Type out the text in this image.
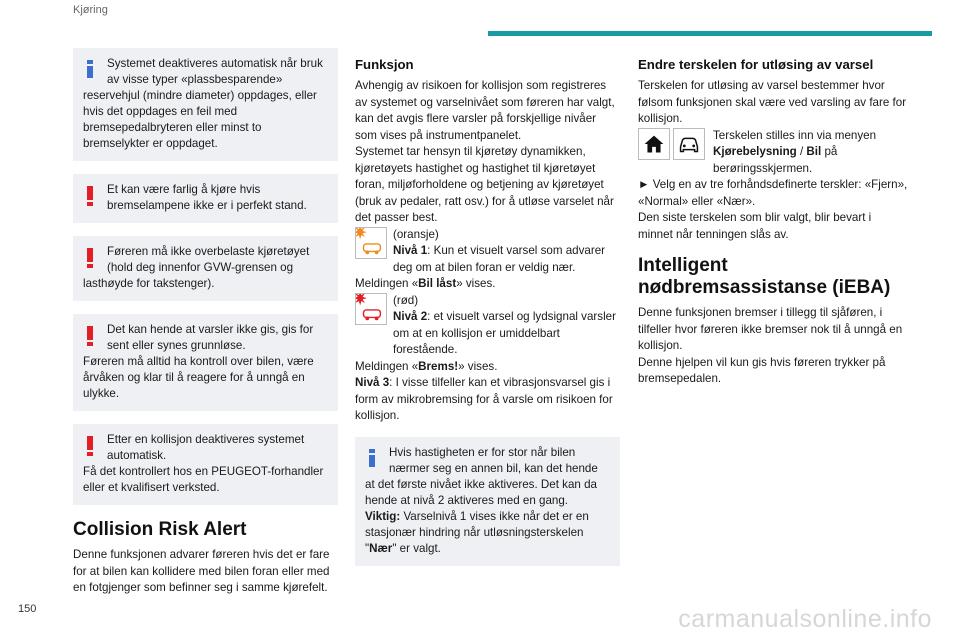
Kjøring
Systemet deaktiveres automatisk når bruk av visse typer «plassbesparende»
reservehjul (mindre diameter) oppdages, eller hvis det oppdages en feil med bremsepedalbryteren eller minst to bremselykter er oppdaget.
Et kan være farlig å kjøre hvis bremselampene ikke er i perfekt stand.
Føreren må ikke overbelaste kjøretøyet (hold deg innenfor GVW-grensen og
lasthøyde for takstenger).
Det kan hende at varsler ikke gis, gis for sent eller synes grunnløse.
Føreren må alltid ha kontroll over bilen, være årvåken og klar til å reagere for å unngå en ulykke.
Etter en kollisjon deaktiveres systemet automatisk.
Få det kontrollert hos en PEUGEOT-forhandler eller et kvalifisert verksted.
Collision Risk Alert

Denne funksjonen advarer føreren hvis det er fare for at bilen kan kollidere med bilen foran eller med en fotgjenger som befinner seg i samme kjørefelt.

Funksjon

Avhengig av risikoen for kollisjon som registreres av systemet og varselnivået som føreren har valgt, kan det avgis flere varsler på forskjellige nivåer som vises på instrumentpanelet.

Systemet tar hensyn til kjøretøy dynamikken, kjøretøyets hastighet og hastighet til kjøretøyet foran, miljøforholdene og betjening av kjøretøyet (bruk av pedaler, ratt osv.) for å utløse varselet når det passer best.

(oransje)
Nivå 1: Kun et visuelt varsel som advarer deg om at bilen foran er veldig nær.

Meldingen «Bil låst» vises.

(rød)
Nivå 2: et visuelt varsel og lydsignal varsler om at en kollisjon er umiddelbart forestående.

Meldingen «Brems!» vises.

Nivå 3: I visse tilfeller kan et vibrasjonsvarsel gis i form av mikrobremsing for å varsle om risikoen for kollisjon.

Hvis hastigheten er for stor når bilen nærmer seg en annen bil, kan det hende
at det første nivået ikke aktiveres. Det kan da hende at nivå 2 aktiveres med en gang.
Viktig: Varselnivå 1 vises ikke når det er en stasjonær hindring når utløsningsterskelen "Nær" er valgt.
Endre terskelen for utløsing av varsel

Terskelen for utløsing av varsel bestemmer hvor følsom funksjonen skal være ved varsling av fare for kollisjon.

Terskelen stilles inn via menyen Kjørebelysning / Bil på berøringsskjermen.

► Velg en av tre forhåndsdefinerte terskler: «Fjern», «Normal» eller «Nær».

Den siste terskelen som blir valgt, blir bevart i minnet når tenningen slås av.

Intelligent nødbremsassistanse (iEBA)

Denne funksjonen bremser i tillegg til sjåføren, i tilfeller hvor føreren ikke bremser nok til å unngå en kollisjon.

Denne hjelpen vil kun gis hvis føreren trykker på bremsepedalen.

150	carmanualsonline.info
